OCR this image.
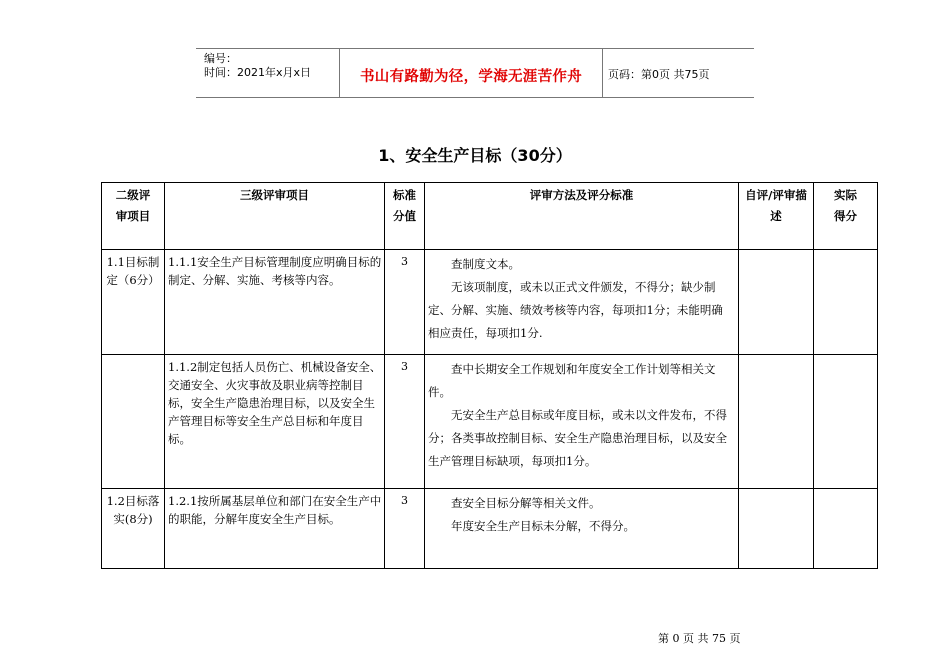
编号：
时间：2021年x月x日	书山有路勤为径，学海无涯苦作舟	页码：第0页 共75页
1、安全生产目标（30分）
二级评审项目	三级评审项目	标准分值	评审方法及评分标准	自评/评审描述	实际得分

1.1目标制定（6分）	1.1.1安全生产目标管理制度应明确目标的制定、分解、实施、考核等内容。	3	查制度文本。

无该项制度，或未以正式文件颁发，不得分；缺少制定、分解、实施、绩效考核等内容，每项扣1分；未能明确相应责任，每项扣1分.		

	1.1.2制定包括人员伤亡、机械设备安全、交通安全、火灾事故及职业病等控制目标，安全生产隐患治理目标，以及安全生产管理目标等安全生产总目标和年度目标。	3	查中长期安全工作规划和年度安全工作计划等相关文件。

无安全生产总目标或年度目标，或未以文件发布，不得分；各类事故控制目标、安全生产隐患治理目标，以及安全生产管理目标缺项，每项扣1分。		

1.2目标落实(8分)	1.2.1按所属基层单位和部门在安全生产中的职能，分解年度安全生产目标。	3	查安全目标分解等相关文件。

年度安全生产目标未分解，不得分。		

第 0 页 共 75 页
